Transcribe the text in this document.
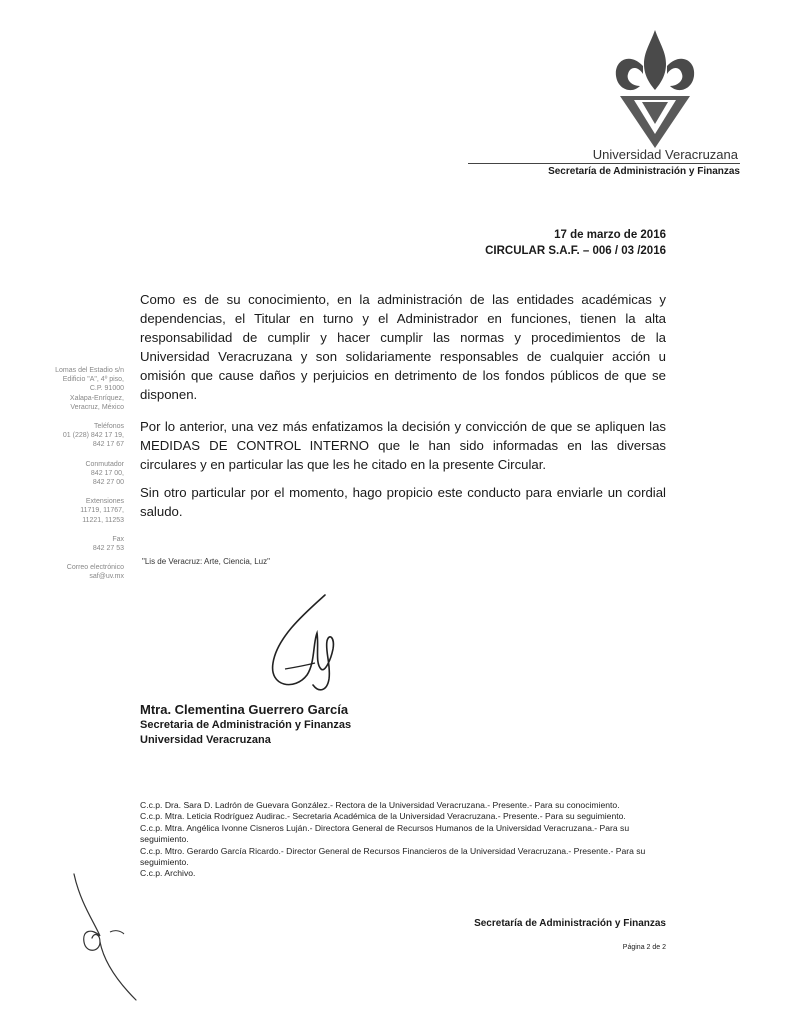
Universidad Veracruzana
Secretaría de Administración y Finanzas
17 de marzo de 2016
CIRCULAR S.A.F. – 006 / 03 /2016
Lomas del Estadio s/n
Edificio "A", 4º piso,
C.P. 91000
Xalapa-Enríquez,
Veracruz, México
Teléfonos
01 (228) 842 17 19,
842 17 67
Conmutador
842 17 00,
842 27 00
Extensiones
11719, 11767,
11221, 11253
Fax
842 27 53
Correo electrónico
saf@uv.mx
Como es de su conocimiento, en la administración de las entidades académicas y dependencias, el Titular en turno y el Administrador en funciones, tienen la alta responsabilidad de cumplir y hacer cumplir las normas y procedimientos de la Universidad Veracruzana y son solidariamente responsables de cualquier acción u omisión que cause daños y perjuicios en detrimento de los fondos públicos de que se disponen.
Por lo anterior, una vez más enfatizamos la decisión y convicción de que se apliquen las MEDIDAS DE CONTROL INTERNO que le han sido informadas en las diversas circulares y en particular las que les he citado en la presente Circular.
Sin otro particular por el momento, hago propicio este conducto para enviarle un cordial saludo.
"Lis de Veracruz: Arte, Ciencia, Luz"
Mtra. Clementina Guerrero García
Secretaria de Administración y Finanzas
Universidad Veracruzana
C.c.p. Dra. Sara D. Ladrón de Guevara González.- Rectora de la Universidad Veracruzana.- Presente.- Para su conocimiento.
C.c.p. Mtra. Leticia Rodríguez Audirac.- Secretaria Académica de la Universidad Veracruzana.- Presente.- Para su seguimiento.
C.c.p. Mtra. Angélica Ivonne Cisneros Luján.- Directora General de Recursos Humanos de la Universidad Veracruzana.- Para su seguimiento.
C.c.p. Mtro. Gerardo García Ricardo.- Director General de Recursos Financieros de la Universidad Veracruzana.- Presente.- Para su seguimiento.
C.c.p. Archivo.
Secretaría de Administración y Finanzas
Página 2 de 2
